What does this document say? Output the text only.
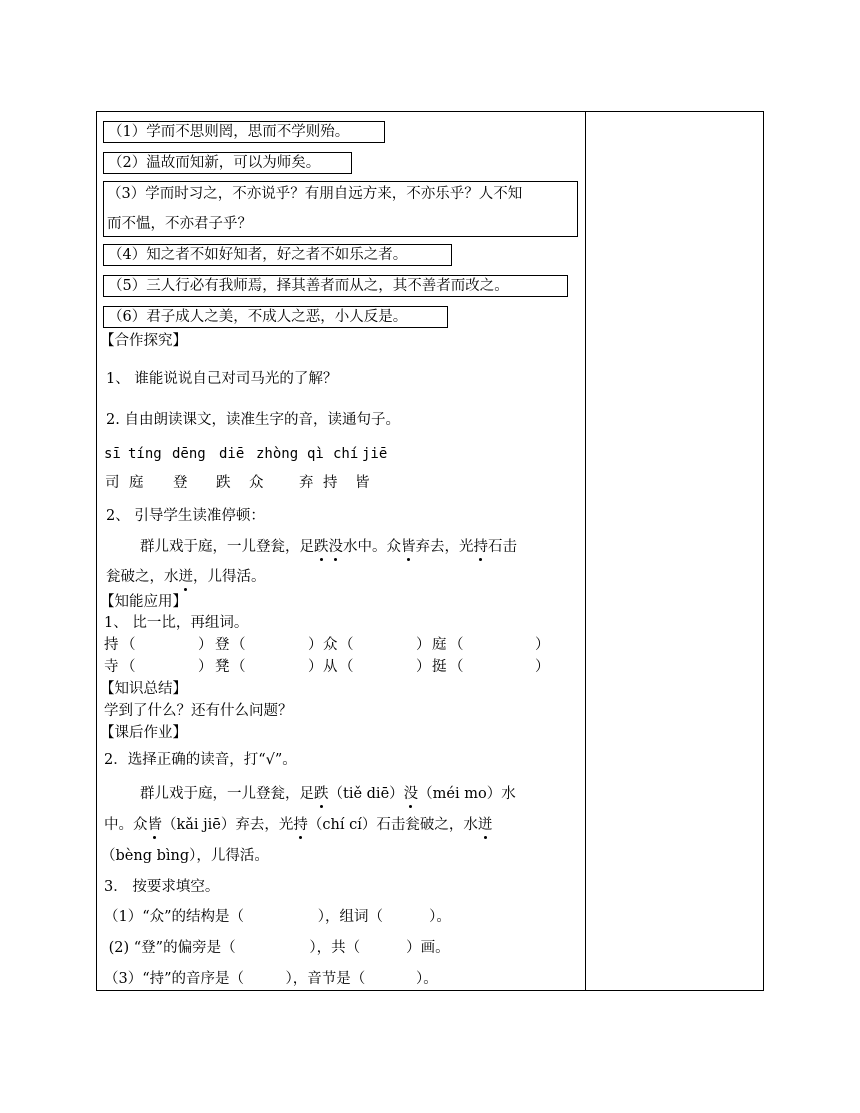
（1）学而不思则罔，思而不学则殆。
（2）温故而知新，可以为师矣。
（3）学而时习之，不亦说乎？有朋自远方来，不亦乐乎？人不知
而不愠，不亦君子乎？
（4）知之者不如好知者，好之者不如乐之者。
（5）三人行必有我师焉，择其善者而从之，其不善者而改之。
（6）君子成人之美，不成人之恶，小人反是。
【合作探究】
1、 谁能说说自己对司马光的了解？
2. 自由朗读课文，读准生字的音，读通句子。
sī tíng dēng diē zhòng qì chí jiē
司 庭 登 跌 众 弃 持 皆
2、 引导学生读准停顿：
群儿戏于庭，一儿登瓮，足跌没水中。众皆弃去，光持石击
瓮破之，水迸，儿得活。
【知能应用】
1、 比一比，再组词。
持 （	） 登 （	） 众 （	） 庭 （	）
寺 （	） 凳 （	） 从 （	） 挺 （	）
【知识总结】
学到了什么？还有什么问题？
【课后作业】
2．选择正确的读音，打“√”。
群儿戏于庭，一儿登瓮，足跌（tiě diē）没（méi mo）水
中。众皆（kǎi jiē）弃去，光持（chí cí）石击瓮破之，水迸
（bèng bìng），儿得活。
3． 按要求填空。
（1）“众”的结构是（                ），组词（          ）。
(2) “登”的偏旁是（                ），共（          ）画。
（3）“持”的音序是（         ），音节是（           ）。
